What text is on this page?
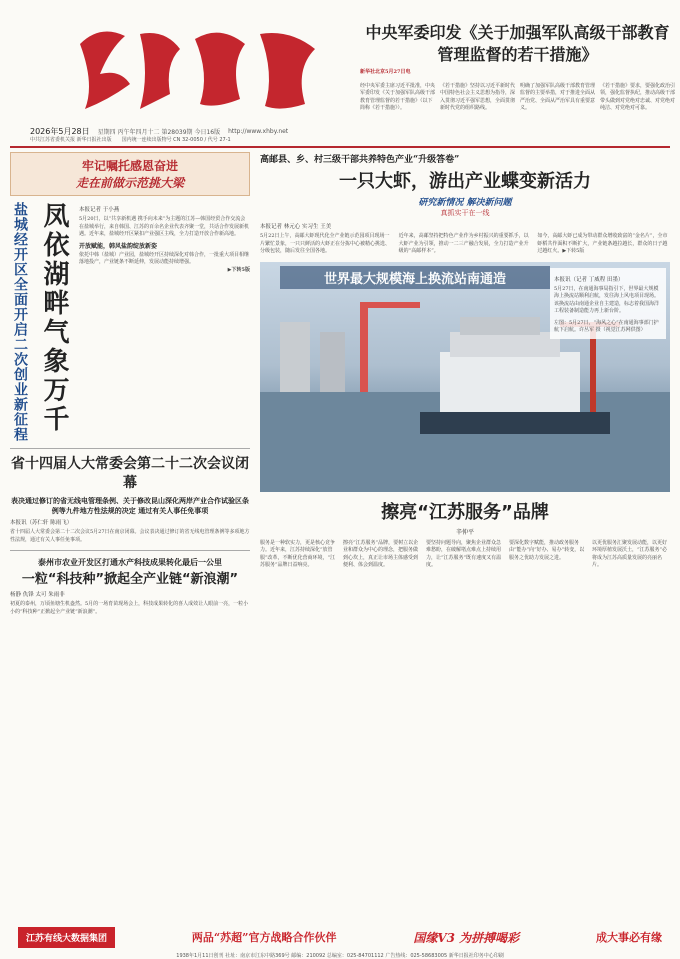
2026年5月28日 星期四 丙午年四月十二 第28039期 今日16版 http://www.xhby.net
中共江苏省委机关报 新华日报社出版 国内统一连续出版物号 CN 32-0050 / 代号 27-1
中央军委印发《关于加强军队高级干部教育管理监督的若干措施》
新华社北京5月27日电
经中央军委主席习近平批准，中央军委印发《关于加强军队高级干部教育管理监督的若干措施》（以下简称《若干措施》）。
《若干措施》坚持以习近平新时代中国特色社会主义思想为指导，深入贯彻习近平强军思想，全面贯彻新时代党的组织路线。
明确了加强军队高级干部教育管理监督的主要举措，对于推进全面从严治党、全面从严治军具有重要意义。
《若干措施》要求，要强化政治引领，强化监督执纪，推动高级干部带头做到对党绝对忠诚、对党绝对纯洁、对党绝对可靠。
牢记嘱托感恩奋进
走在前做示范挑大梁
盐城经开区全面开启二次创业新征程 凤依湖畔气象万千	本报记者 于小燕

5月20日，以“共享新机遇 携手向未来”为主题的江苏—韩国经贸合作交流会在盐城举行，来自韩国、江苏的百余名企业代表齐聚一堂，共话合作发展新机遇。近年来，盐城经开区紧扣产业强区主线，全力打造开放合作新高地。

开放赋能，韩风盐韵绽放新姿

依托中韩（盐城）产业园，盐城经开区持续深化对韩合作，一批重大项目相继落地投产，产业链条不断延伸，发展动能持续增强。

▶下转5版
省十四届人大常委会第二十二次会议闭幕
表决通过修订的省无线电管理条例、关于修改昆山深化两岸产业合作试验区条例等九件地方性法规的决定 通过有关人事任免事项
本报讯（苏仁轩 陈雨飞）

省十四届人大常委会第二十二次会议5月27日在南京闭幕。会议表决通过修订的省无线电管理条例等多项地方性法规，通过有关人事任免事项。

泰州市农业开发区打通水产科技成果转化最后一公里
一粒“科技种”掀起全产业链“新浪潮”
杨静 仇锋 太可 朱雨非

初夏的泰州，万顷鱼塘生机盎然。5月的一场育苗现场会上，科技成果转化的喜人成效让人眼前一亮，一粒小小的“科技种”正掀起全产业链“新浪潮”。

高邮县、乡、村三级干部共养特色产业“升级答卷”
一只大虾，游出产业蝶变新活力
研究新情况 解决新问题
真抓实干在一线
本报记者 林元心 实习生 王美

5月22日上午，高邮大虾现代化全产业链示范园项目现场一片繁忙景象，一只只鲜活的大虾正在分拣中心被精心挑选、分级包装，随后发往全国各地。

近年来，高邮坚持把特色产业作为乡村振兴的重要抓手，以大虾产业为引领，推动一二三产融合发展，全力打造产业升级的“高邮样本”。

如今，高邮大虾已成为带动群众增收致富的“金名片”，全市虾稻共作面积不断扩大，产业链条越拉越长，群众的日子越过越红火。▶下转5版

世界最大规模海上换流站南通造	本报讯（记者 丁威程 田墨）

5月27日，在南通海事局指引下，世界最大规模海上换流站顺利启航，发往海上风电项目现场。该换流站由南通企业自主建造，标志着我国海洋工程装备制造能力再上新台阶。

左图：5月27日，“海风之心”在南通海事部门护航下启航。许丛军 摄（视觉江苏网供图）

擦亮“江苏服务”品牌
辛仲平

服务是一种软实力，更是核心竞争力。近年来，江苏持续深化“放管服”改革，不断优化营商环境，“江苏服务”品牌日益响亮。

擦亮“江苏服务”品牌，要树立以企业和群众为中心的理念，把服务做到心坎上，真正让市场主体感受到便利、体会到温度。

要坚持问题导向，聚焦企业群众急难愁盼，在破解堵点难点上持续用力，让“江苏服务”既有速度又有温度。

要深化数字赋能，推动政务服务由“能办”向“好办、易办”转变，以服务之优助力发展之进。

以更优服务汇聚发展动能，以更好环境厚植发展沃土，“江苏服务”必将成为江苏高质量发展的亮丽名片。

江苏有线大数据集团	两品“苏超”官方战略合作伙伴	国缘V3 为拼搏喝彩	成大事必有缘
1938年1月11日创刊 社址：南京市江东中路369号 邮编：210092 总编室：025-84701112 广告热线：025-58683005 新华日报社印务中心印刷
